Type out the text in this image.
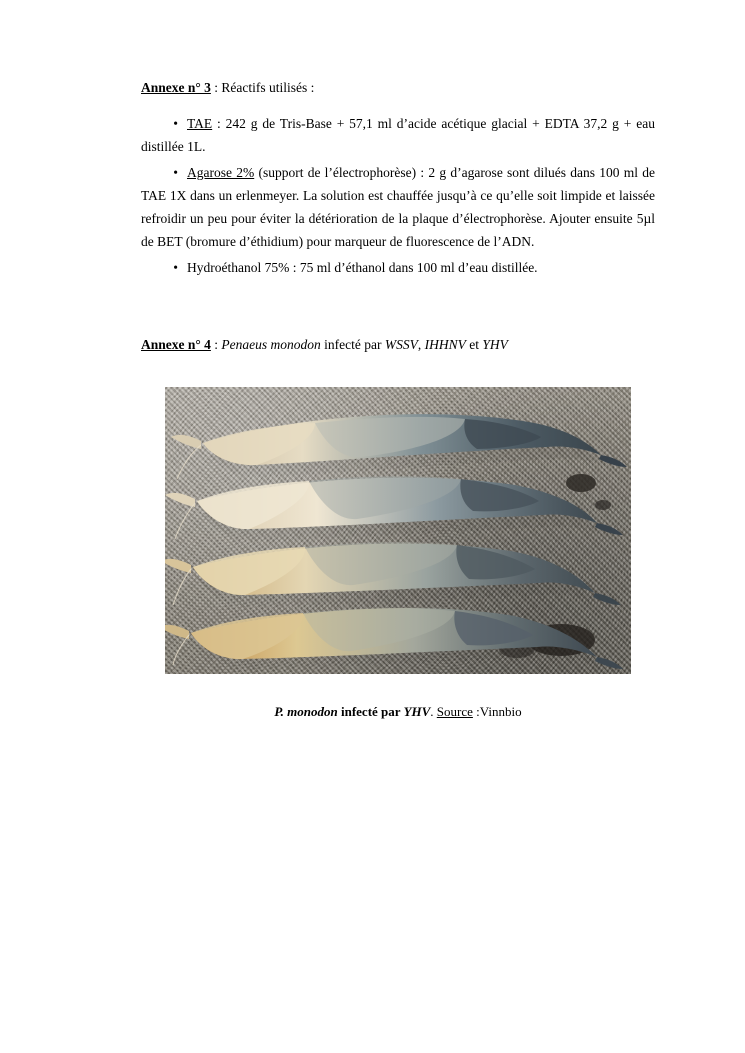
Annexe n° 3 : Réactifs utilisés :

• TAE : 242 g de Tris-Base + 57,1 ml d’acide acétique glacial + EDTA 37,2 g + eau distillée 1L.
• Agarose 2% (support de l’électrophorèse) : 2 g d’agarose sont dilués dans 100 ml de TAE 1X dans un erlenmeyer. La solution est chauffée jusqu’à ce qu’elle soit limpide et laissée refroidir un peu pour éviter la détérioration de la plaque d’électrophorèse. Ajouter ensuite 5µl de BET (bromure d’éthidium) pour marqueur de fluorescence de l’ADN.
• Hydroéthanol 75% : 75 ml d’éthanol dans 100 ml d’eau distillée.

Annexe n° 4 : Penaeus monodon infecté par WSSV, IHHNV et YHV

P. monodon infecté par YHV. Source :Vinnbio
